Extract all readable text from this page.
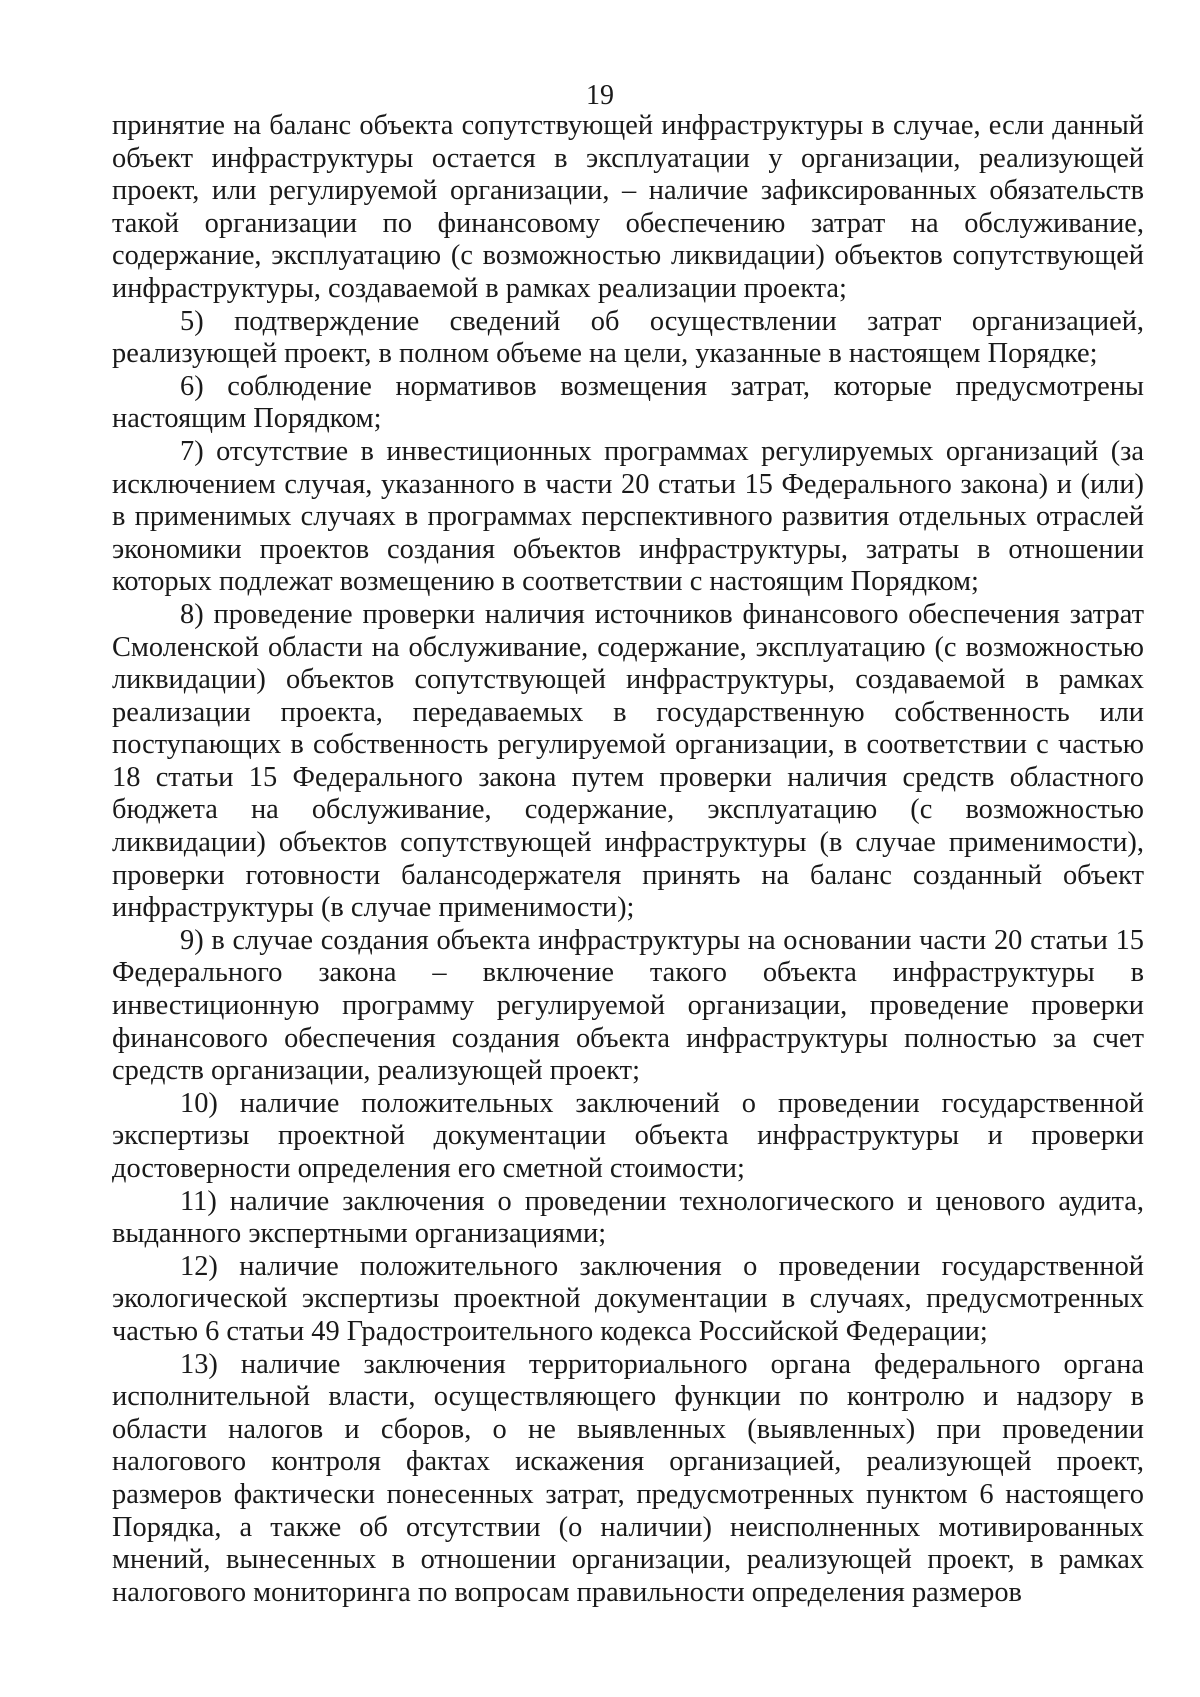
19

принятие на баланс объекта сопутствующей инфраструктуры в случае, если данный объект инфраструктуры остается в эксплуатации у организации, реализующей проект, или регулируемой организации, – наличие зафиксированных обязательств такой организации по финансовому обеспечению затрат на обслуживание, содержание, эксплуатацию (с возможностью ликвидации) объектов сопутствующей инфраструктуры, создаваемой в рамках реализации проекта;

5) подтверждение сведений об осуществлении затрат организацией, реализующей проект, в полном объеме на цели, указанные в настоящем Порядке;

6) соблюдение нормативов возмещения затрат, которые предусмотрены настоящим Порядком;

7) отсутствие в инвестиционных программах регулируемых организаций (за исключением случая, указанного в части 20 статьи 15 Федерального закона) и (или) в применимых случаях в программах перспективного развития отдельных отраслей экономики проектов создания объектов инфраструктуры, затраты в отношении которых подлежат возмещению в соответствии с настоящим Порядком;

8) проведение проверки наличия источников финансового обеспечения затрат Смоленской области на обслуживание, содержание, эксплуатацию (с возможностью ликвидации) объектов сопутствующей инфраструктуры, создаваемой в рамках реализации проекта, передаваемых в государственную собственность или поступающих в собственность регулируемой организации, в соответствии с частью 18 статьи 15 Федерального закона путем проверки наличия средств областного бюджета на обслуживание, содержание, эксплуатацию (с возможностью ликвидации) объектов сопутствующей инфраструктуры (в случае применимости), проверки готовности балансодержателя принять на баланс созданный объект инфраструктуры (в случае применимости);

9) в случае создания объекта инфраструктуры на основании части 20 статьи 15 Федерального закона – включение такого объекта инфраструктуры в инвестиционную программу регулируемой организации, проведение проверки финансового обеспечения создания объекта инфраструктуры полностью за счет средств организации, реализующей проект;

10) наличие положительных заключений о проведении государственной экспертизы проектной документации объекта инфраструктуры и проверки достоверности определения его сметной стоимости;

11) наличие заключения о проведении технологического и ценового аудита, выданного экспертными организациями;

12) наличие положительного заключения о проведении государственной экологической экспертизы проектной документации в случаях, предусмотренных частью 6 статьи 49 Градостроительного кодекса Российской Федерации;

13) наличие заключения территориального органа федерального органа исполнительной власти, осуществляющего функции по контролю и надзору в области налогов и сборов, о не выявленных (выявленных) при проведении налогового контроля фактах искажения организацией, реализующей проект, размеров фактически понесенных затрат, предусмотренных пунктом 6 настоящего Порядка, а также об отсутствии (о наличии) неисполненных мотивированных мнений, вынесенных в отношении организации, реализующей проект, в рамках налогового мониторинга по вопросам правильности определения размеров
